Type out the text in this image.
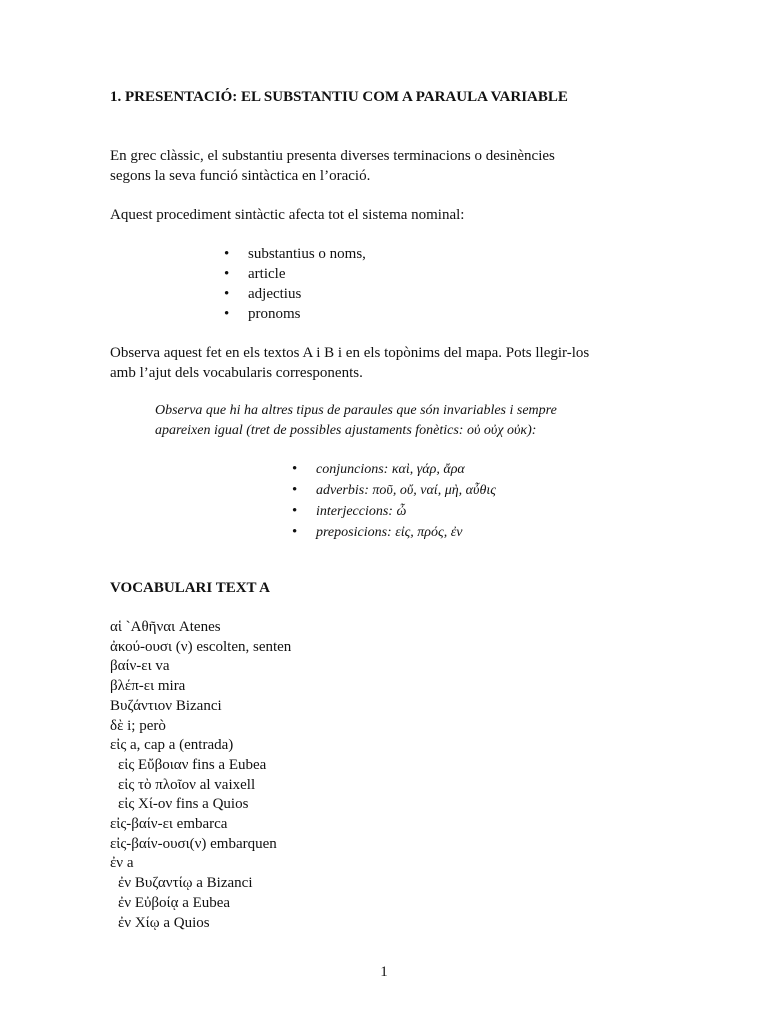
1. PRESENTACIÓ: EL SUBSTANTIU COM A PARAULA VARIABLE
En grec clàssic, el substantiu presenta diverses terminacions o desinències
segons la seva funció sintàctica en l’oració.
Aquest procediment sintàctic afecta tot el sistema nominal:
• substantius o noms,
• article
• adjectius
• pronoms
Observa aquest fet en els textos A i B i en els topònims del mapa. Pots llegir-los
amb l’ajut dels vocabularis corresponents.
Observa que hi ha altres tipus de paraules que són invariables i sempre
apareixen igual (tret de possibles ajustaments fonètics: οὐ οὐχ οὐκ):
• conjuncions: καὶ, γάρ, ἄρα
• adverbis: ποῦ, οὔ, ναί, μὴ, αὖθις
• interjeccions: ὦ
• preposicions: εἰς, πρός, ἐν
VOCABULARI TEXT A
αἱ `Αθῆναι Atenes
ἀκού-ουσι (ν) escolten, senten
βαίν-ει va
βλέπ-ει mira
Βυζάντιον Bizanci
δὲ i; però
εἰς a, cap a (entrada)
εἰς Εὔβοιαν fins a Eubea
εἰς τὸ πλοῖον al vaixell
εἰς Χί-ον fins a Quios
εἰς-βαίν-ει embarca
εἰς-βαίν-ουσι(ν) embarquen
ἐν a
ἐν Βυζαντίῳ a Bizanci
ἐν Εὐβοίᾳ a Eubea
ἐν Χίῳ a Quios
1
